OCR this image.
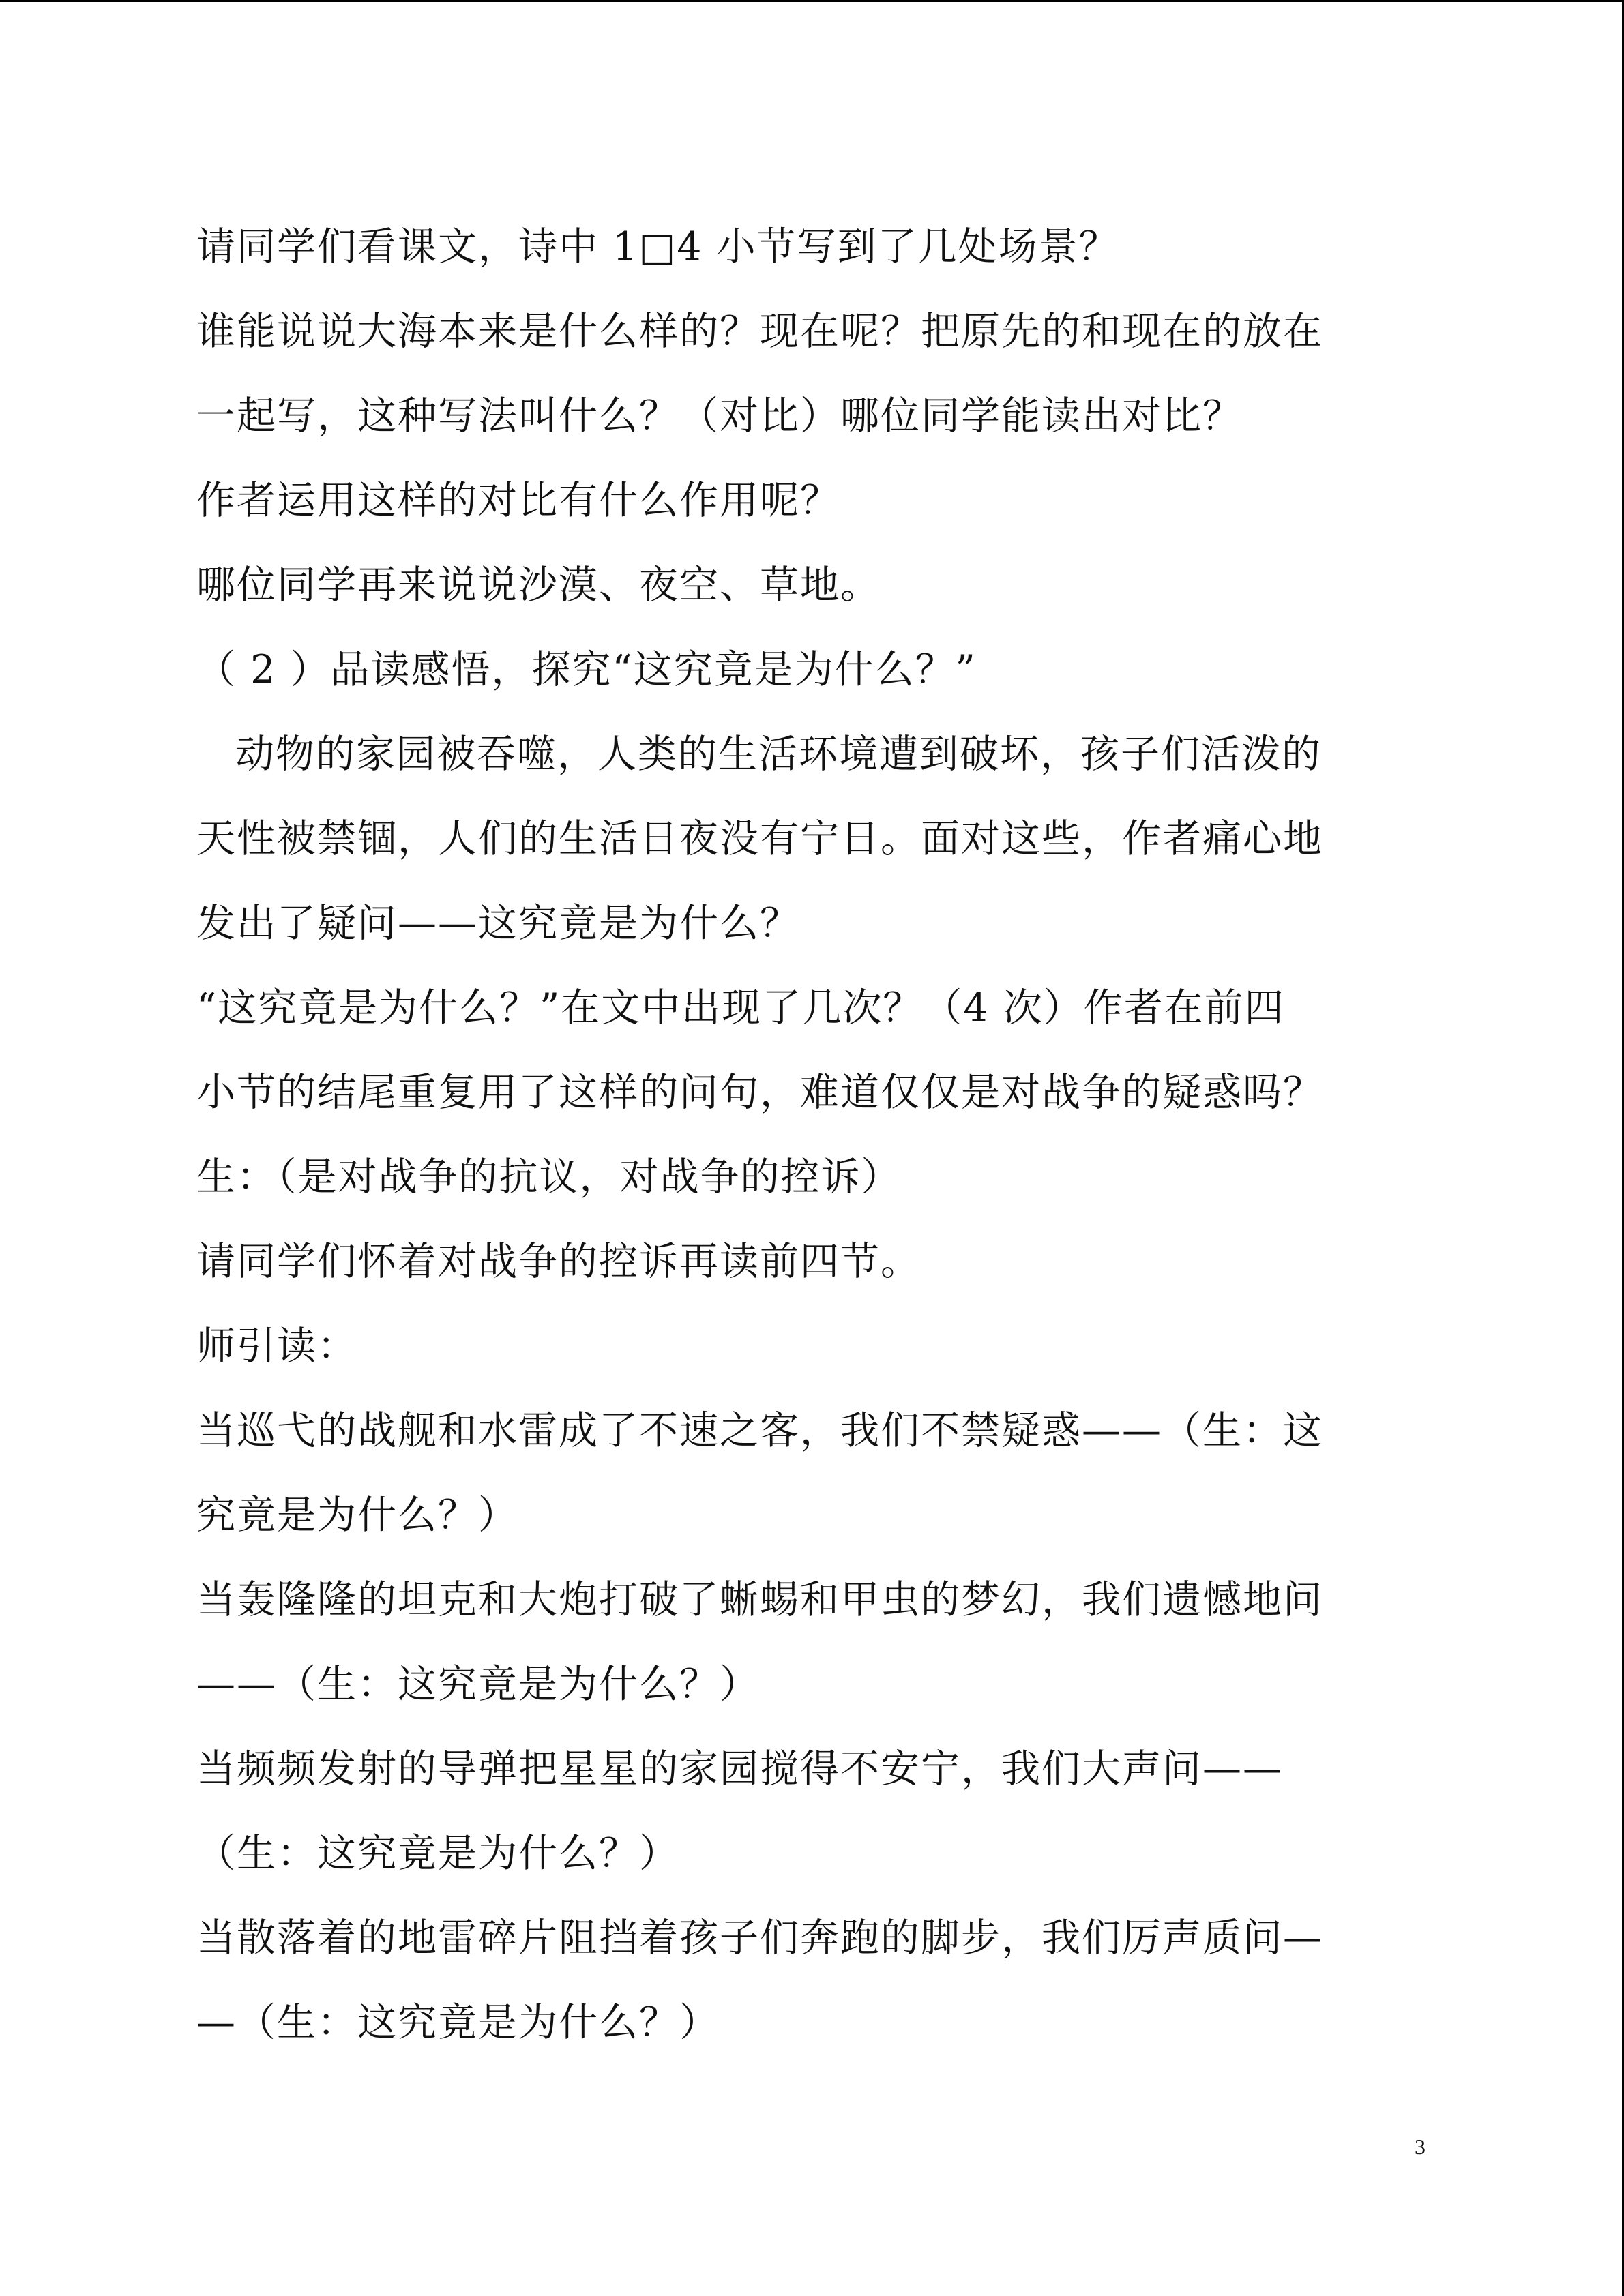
请同学们看课文，诗中 1□4 小节写到了几处场景？
谁能说说大海本来是什么样的？现在呢？把原先的和现在的放在
一起写，这种写法叫什么？（对比）哪位同学能读出对比？
作者运用这样的对比有什么作用呢？
哪位同学再来说说沙漠、夜空、草地。
（ 2 ）品读感悟，探究“这究竟是为什么？”
动物的家园被吞噬，人类的生活环境遭到破坏，孩子们活泼的
天性被禁锢，人们的生活日夜没有宁日。面对这些，作者痛心地
发出了疑问——这究竟是为什么？
“这究竟是为什么？”在文中出现了几次？（4 次）作者在前四
小节的结尾重复用了这样的问句，难道仅仅是对战争的疑惑吗？
生：（是对战争的抗议，对战争的控诉）
请同学们怀着对战争的控诉再读前四节。
师引读：
当巡弋的战舰和水雷成了不速之客，我们不禁疑惑——（生：这
究竟是为什么？）
当轰隆隆的坦克和大炮打破了蜥蜴和甲虫的梦幻，我们遗憾地问
——（生：这究竟是为什么？）
当频频发射的导弹把星星的家园搅得不安宁，我们大声问——
（生：这究竟是为什么？）
当散落着的地雷碎片阻挡着孩子们奔跑的脚步，我们厉声质问—
—（生：这究竟是为什么？）
3
